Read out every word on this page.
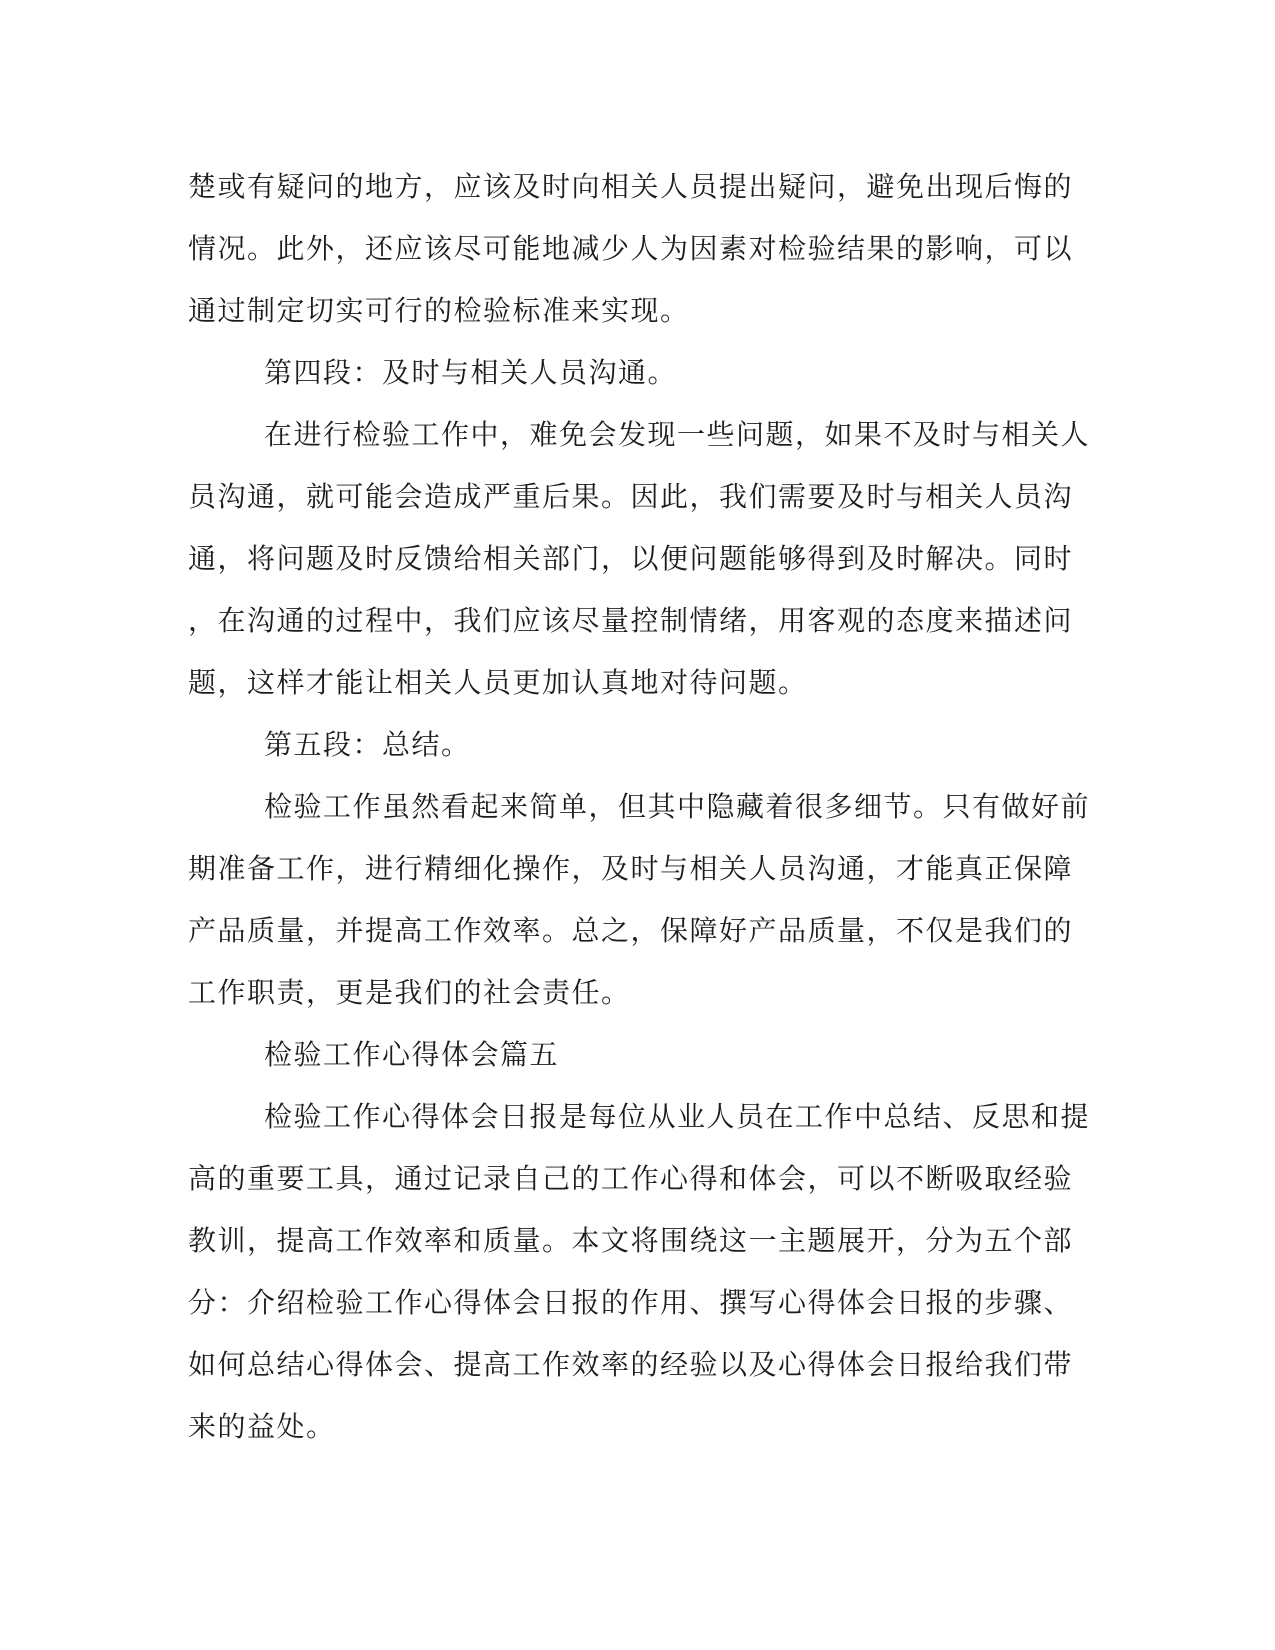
楚或有疑问的地方，应该及时向相关人员提出疑问，避免出现后悔的
情况。此外，还应该尽可能地减少人为因素对检验结果的影响，可以
通过制定切实可行的检验标准来实现。
第四段：及时与相关人员沟通。
在进行检验工作中，难免会发现一些问题，如果不及时与相关人
员沟通，就可能会造成严重后果。因此，我们需要及时与相关人员沟
通，将问题及时反馈给相关部门，以便问题能够得到及时解决。同时
，在沟通的过程中，我们应该尽量控制情绪，用客观的态度来描述问
题，这样才能让相关人员更加认真地对待问题。
第五段：总结。
检验工作虽然看起来简单，但其中隐藏着很多细节。只有做好前
期准备工作，进行精细化操作，及时与相关人员沟通，才能真正保障
产品质量，并提高工作效率。总之，保障好产品质量，不仅是我们的
工作职责，更是我们的社会责任。
检验工作心得体会篇五
检验工作心得体会日报是每位从业人员在工作中总结、反思和提
高的重要工具，通过记录自己的工作心得和体会，可以不断吸取经验
教训，提高工作效率和质量。本文将围绕这一主题展开，分为五个部
分：介绍检验工作心得体会日报的作用、撰写心得体会日报的步骤、
如何总结心得体会、提高工作效率的经验以及心得体会日报给我们带
来的益处。
